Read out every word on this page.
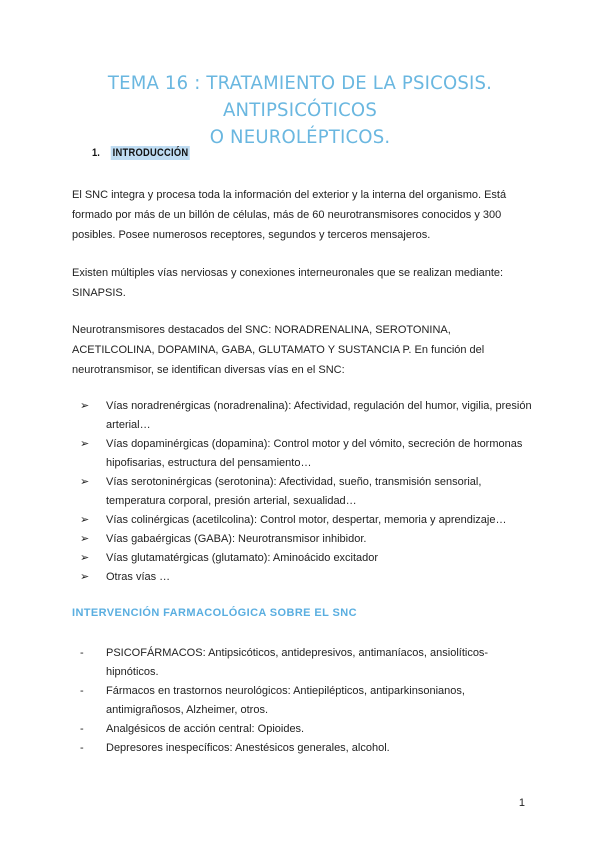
TEMA 16 : TRATAMIENTO DE LA PSICOSIS. ANTIPSICÓTICOS
O NEUROLÉPTICOS.
1. INTRODUCCIÓN

El SNC integra y procesa toda la información del exterior y la interna del organismo. Está formado por más de un billón de células, más de 60 neurotransmisores conocidos y 300 posibles. Posee numerosos receptores, segundos y terceros mensajeros.

Existen múltiples vías nerviosas y conexiones interneuronales que se realizan mediante: SINAPSIS.

Neurotransmisores destacados del SNC: NORADRENALINA, SEROTONINA, ACETILCOLINA, DOPAMINA, GABA, GLUTAMATO Y SUSTANCIA P. En función del neurotransmisor, se identifican diversas vías en el SNC:

➢ Vías noradrenérgicas (noradrenalina): Afectividad, regulación del humor, vigilia, presión arterial…
➢ Vías dopaminérgicas (dopamina): Control motor y del vómito, secreción de hormonas hipofisarias, estructura del pensamiento…
➢ Vías serotoninérgicas (serotonina): Afectividad, sueño, transmisión sensorial, temperatura corporal, presión arterial, sexualidad…
➢ Vías colinérgicas (acetilcolina): Control motor, despertar, memoria y aprendizaje…
➢ Vías gabaérgicas (GABA): Neurotransmisor inhibidor.
➢ Vías glutamatérgicas (glutamato): Aminoácido excitador
➢ Otras vías …
INTERVENCIÓN FARMACOLÓGICA SOBRE EL SNC
- PSICOFÁRMACOS: Antipsicóticos, antidepresivos, antimaníacos, ansiolíticos-hipnóticos.
- Fármacos en trastornos neurológicos: Antiepilépticos, antiparkinsonianos, antimigrañosos, Alzheimer, otros.
- Analgésicos de acción central: Opioides.
- Depresores inespecíficos: Anestésicos generales, alcohol.
1
